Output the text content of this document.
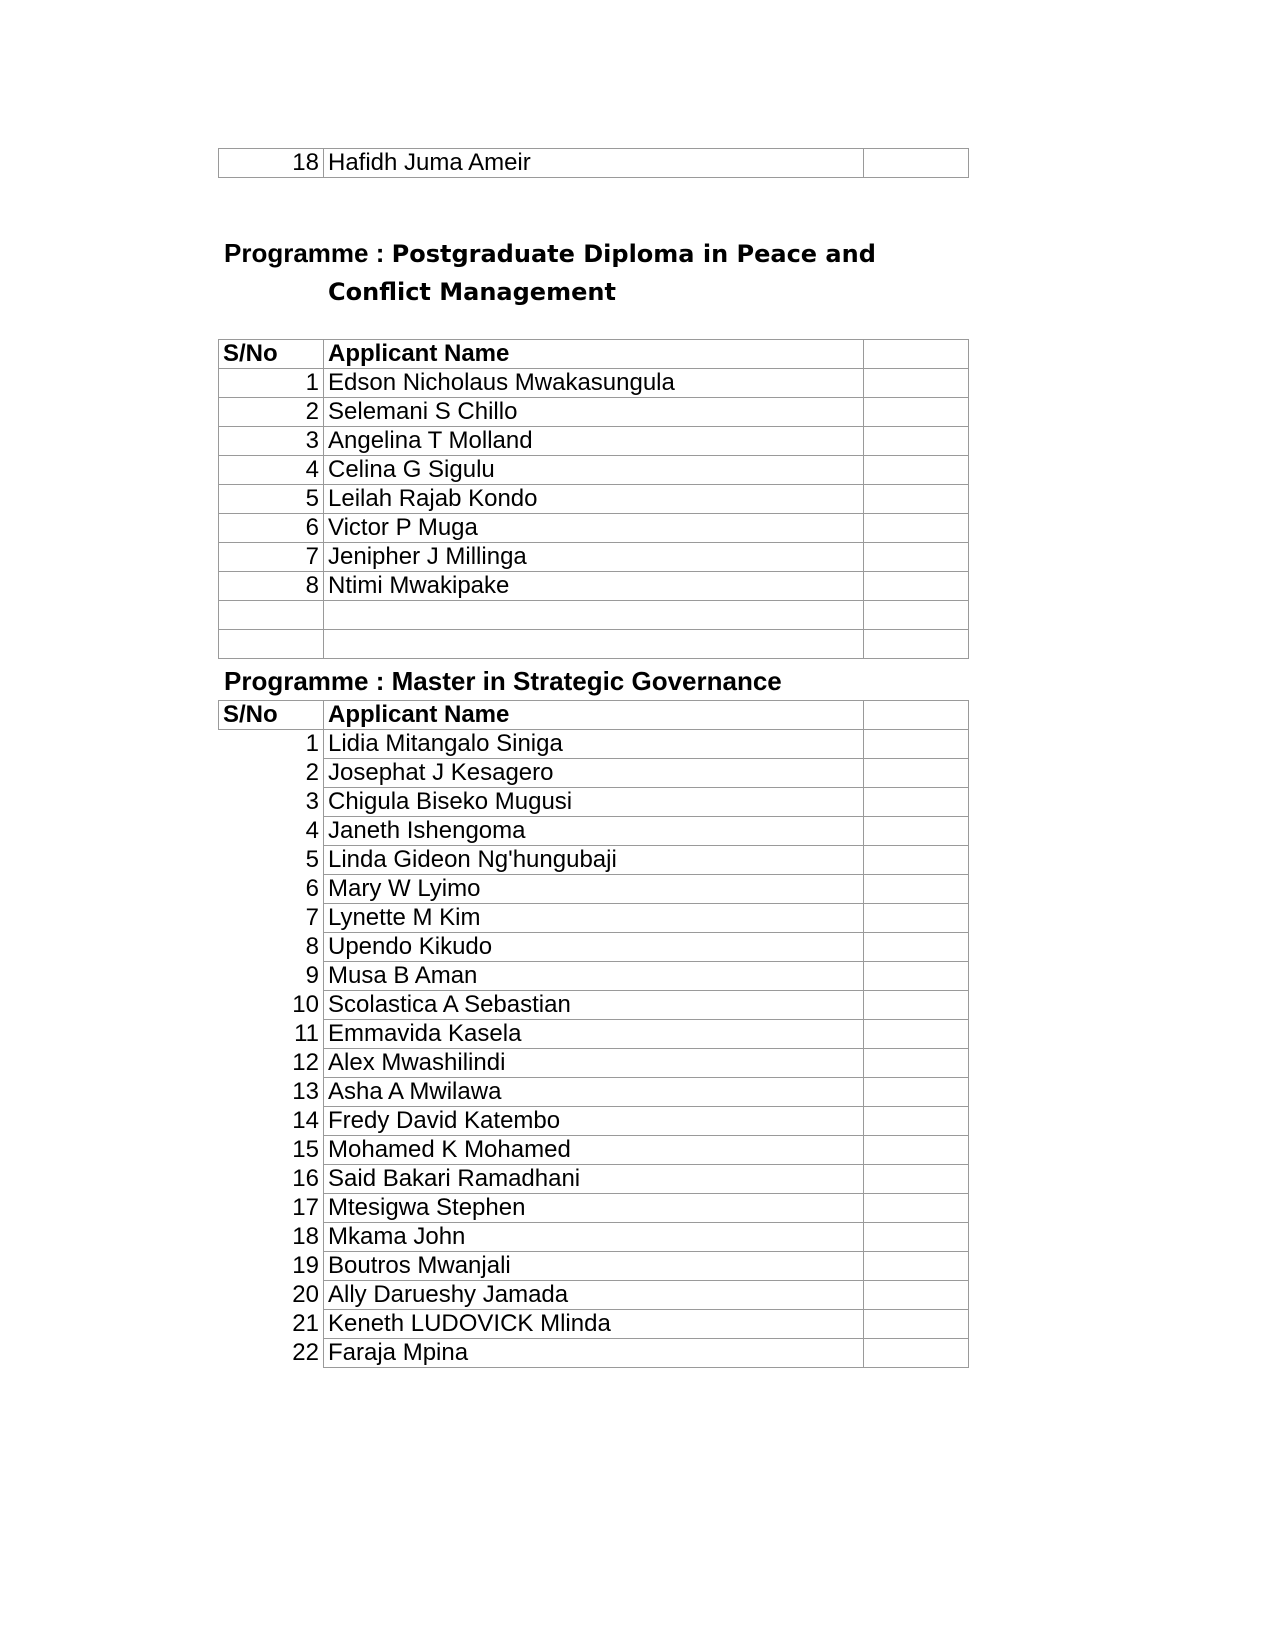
18	Hafidh Juma Ameir	
Programme : Postgraduate Diploma in Peace and
Conflict Management
S/No	Applicant Name	
1	Edson Nicholaus Mwakasungula	
2	Selemani S Chillo	
3	Angelina T Molland	
4	Celina G Sigulu	
5	Leilah Rajab Kondo	
6	Victor P Muga	
7	Jenipher J Millinga	
8	Ntimi Mwakipake	

Programme : Master in Strategic Governance
S/No	Applicant Name	
1	Lidia Mitangalo Siniga	
2	Josephat J Kesagero	
3	Chigula Biseko Mugusi	
4	Janeth Ishengoma	
5	Linda Gideon Ng'hungubaji	
6	Mary W Lyimo	
7	Lynette M Kim	
8	Upendo Kikudo	
9	Musa B Aman	
10	Scolastica A Sebastian	
11	Emmavida Kasela	
12	Alex Mwashilindi	
13	Asha A Mwilawa	
14	Fredy David Katembo	
15	Mohamed K Mohamed	
16	Said Bakari Ramadhani	
17	Mtesigwa Stephen	
18	Mkama John	
19	Boutros Mwanjali	
20	Ally Darueshy Jamada	
21	Keneth LUDOVICK Mlinda	
22	Faraja Mpina	
